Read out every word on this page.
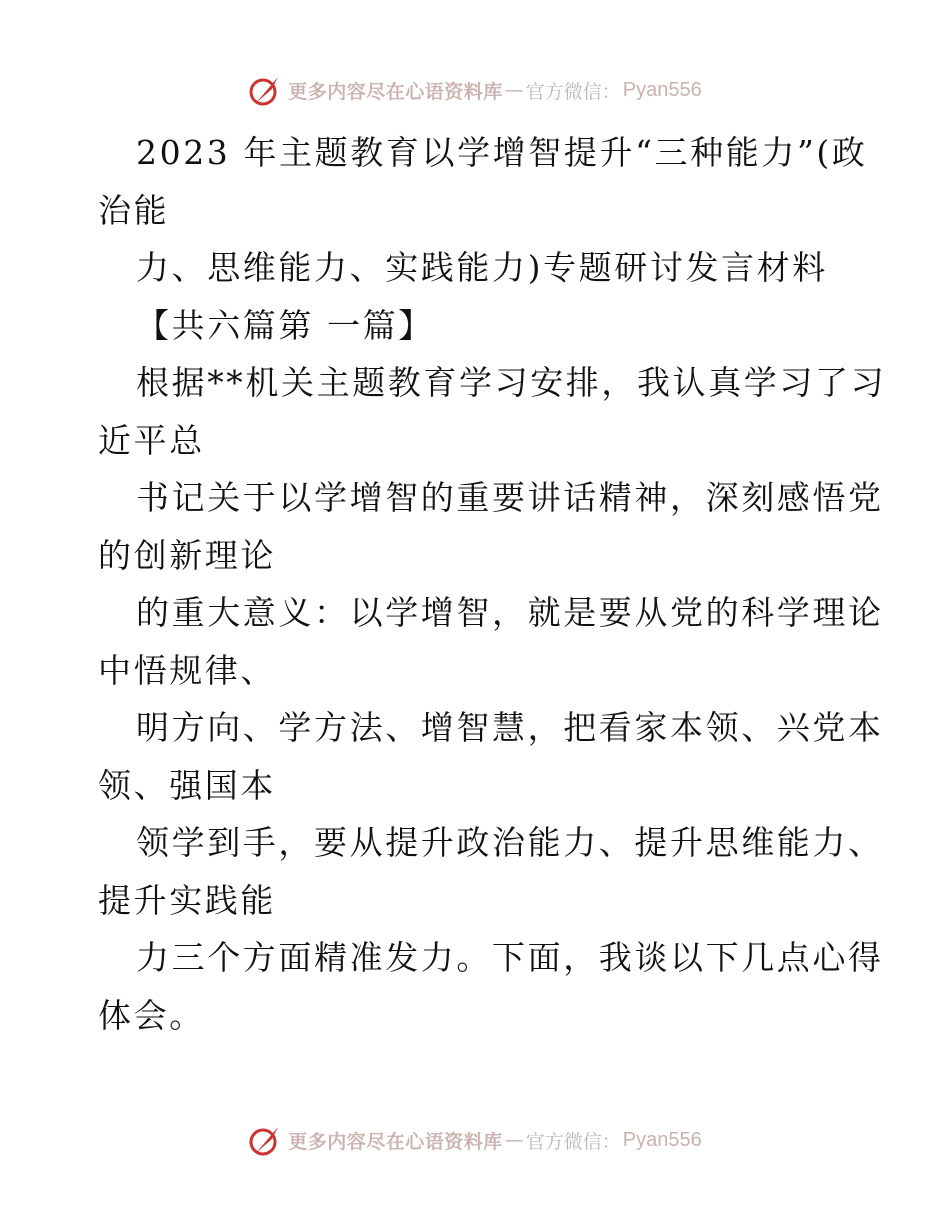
更多内容尽在心语资料库 — 官方微信： Pyan556
2023 年主题教育以学增智提升“三种能力”(政
治能
力、思维能力、实践能力)专题研讨发言材料
【共六篇第 一篇】
根据**机关主题教育学习安排，我认真学习了习
近平总
书记关于以学增智的重要讲话精神，深刻感悟党
的创新理论
的重大意义：以学增智，就是要从党的科学理论
中悟规律、
明方向、学方法、增智慧，把看家本领、兴党本
领、强国本
领学到手，要从提升政治能力、提升思维能力、
提升实践能
力三个方面精准发力。下面，我谈以下几点心得
体会。
更多内容尽在心语资料库 — 官方微信： Pyan556
